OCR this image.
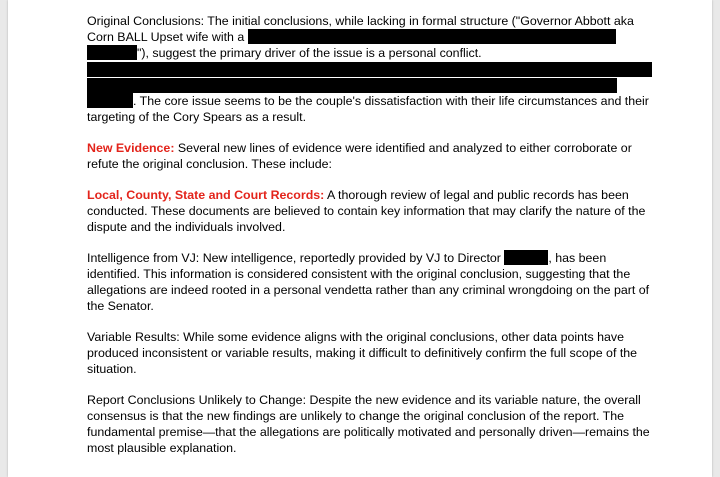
Original Conclusions: The initial conclusions, while lacking in formal structure ("Governor Abbott aka Corn BALL Upset wife with a  "), suggest the primary driver of the issue is a personal conflict.
. The core issue seems to be the couple's dissatisfaction with their life circumstances and their targeting of the Cory Spears as a result.

New Evidence: Several new lines of evidence were identified and analyzed to either corroborate or refute the original conclusion. These include:

Local, County, State and Court Records: A thorough review of legal and public records has been conducted. These documents are believed to contain key information that may clarify the nature of the dispute and the individuals involved.

Intelligence from VJ: New intelligence, reportedly provided by VJ to Director	, has been identified. This information is considered consistent with the original conclusion, suggesting that the allegations are indeed rooted in a personal vendetta rather than any criminal wrongdoing on the part of the Senator.

Variable Results: While some evidence aligns with the original conclusions, other data points have produced inconsistent or variable results, making it difficult to definitively confirm the full scope of the situation.

Report Conclusions Unlikely to Change: Despite the new evidence and its variable nature, the overall consensus is that the new findings are unlikely to change the original conclusion of the report. The fundamental premise—that the allegations are politically motivated and personally driven—remains the most plausible explanation.
